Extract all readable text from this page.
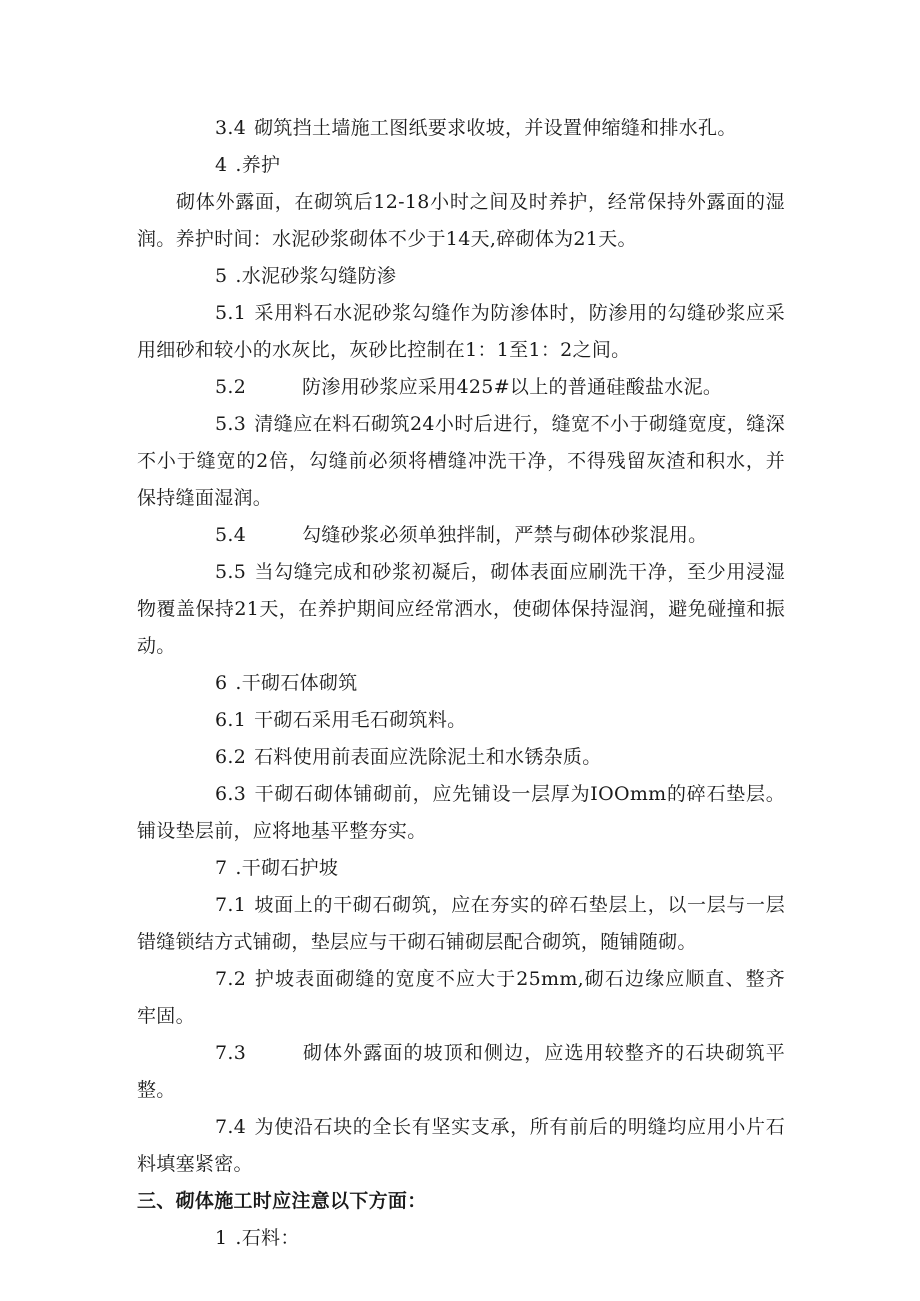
3.4 砌筑挡土墙施工图纸要求收坡，并设置伸缩缝和排水孔。

4 .养护

砌体外露面，在砌筑后12-18小时之间及时养护，经常保持外露面的湿润。养护时间：水泥砂浆砌体不少于14天,碎砌体为21天。

5 .水泥砂浆勾缝防渗

5.1 采用料石水泥砂浆勾缝作为防渗体时，防渗用的勾缝砂浆应采用细砂和较小的水灰比，灰砂比控制在1：1至1：2之间。

5.2	防渗用砂浆应采用425#以上的普通硅酸盐水泥。

5.3 清缝应在料石砌筑24小时后进行，缝宽不小于砌缝宽度，缝深不小于缝宽的2倍，勾缝前必须将槽缝冲洗干净，不得残留灰渣和积水，并保持缝面湿润。

5.4	勾缝砂浆必须单独拌制，严禁与砌体砂浆混用。

5.5 当勾缝完成和砂浆初凝后，砌体表面应刷洗干净，至少用浸湿物覆盖保持21天，在养护期间应经常洒水，使砌体保持湿润，避免碰撞和振动。

6 .干砌石体砌筑

6.1 干砌石采用毛石砌筑料。

6.2 石料使用前表面应洗除泥土和水锈杂质。

6.3 干砌石砌体铺砌前，应先铺设一层厚为IOOmm的碎石垫层。铺设垫层前，应将地基平整夯实。

7 .干砌石护坡

7.1 坡面上的干砌石砌筑，应在夯实的碎石垫层上，以一层与一层错缝锁结方式铺砌，垫层应与干砌石铺砌层配合砌筑，随铺随砌。

7.2 护坡表面砌缝的宽度不应大于25mm,砌石边缘应顺直、整齐牢固。

7.3	砌体外露面的坡顶和侧边，应选用较整齐的石块砌筑平整。

7.4 为使沿石块的全长有坚实支承，所有前后的明缝均应用小片石料填塞紧密。

三、砌体施工时应注意以下方面：

1 .石料：
